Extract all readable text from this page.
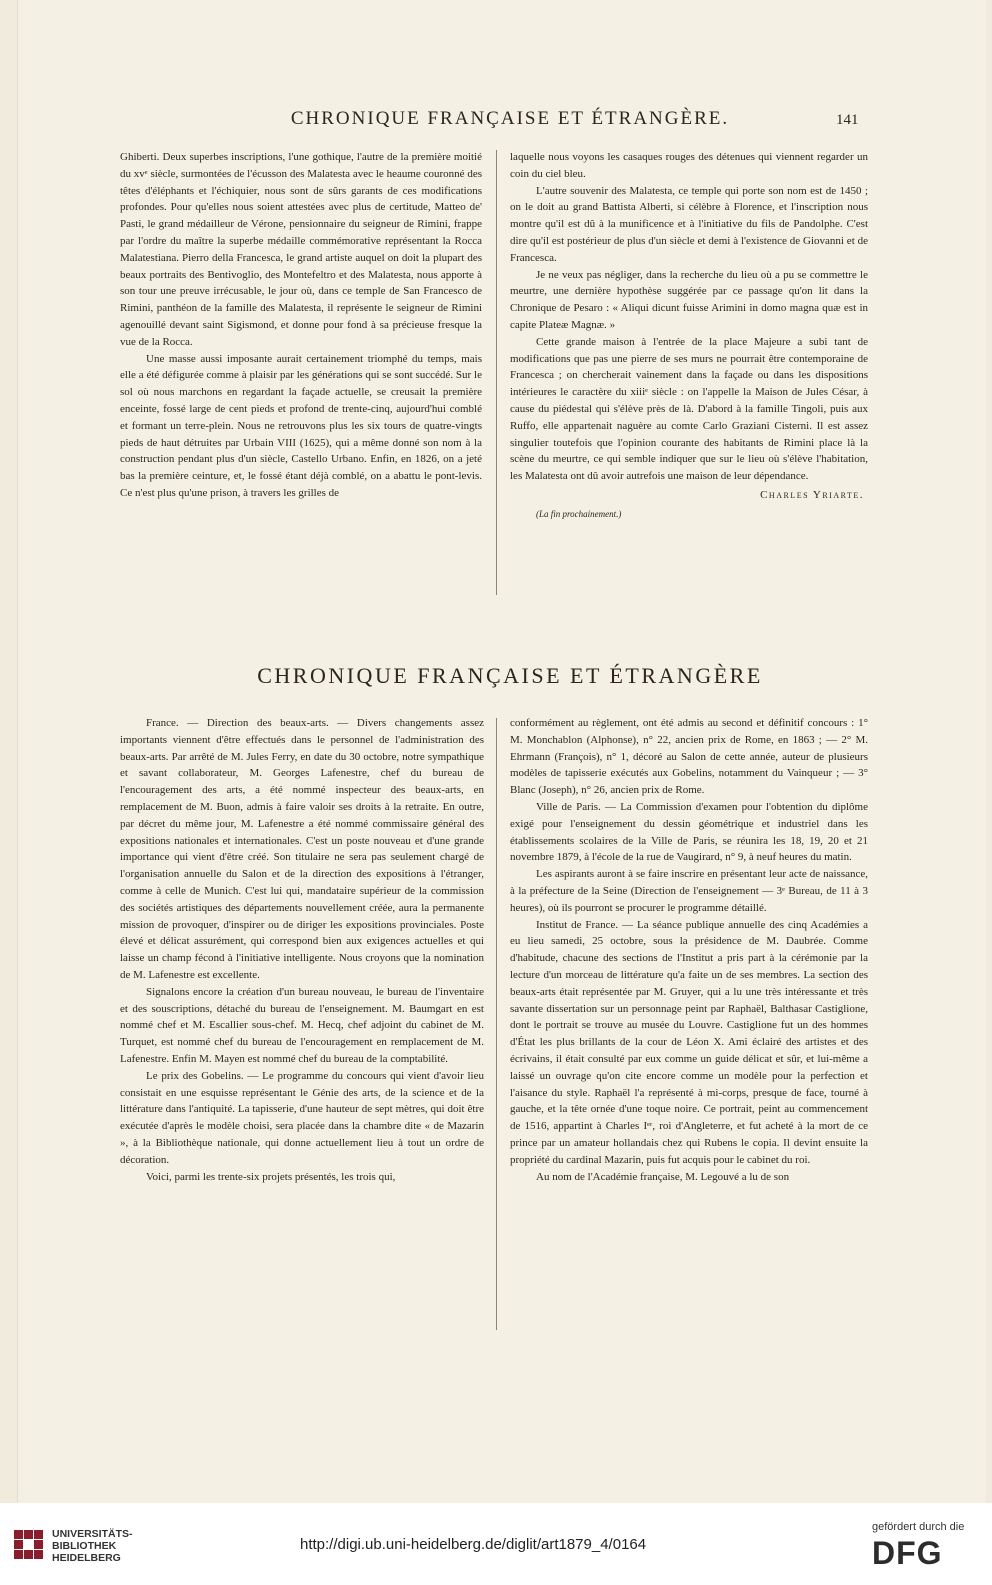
CHRONIQUE FRANÇAISE ET ÉTRANGÈRE.	141

Ghiberti. Deux superbes inscriptions, l'une gothique, l'autre de la première moitié du xvᵉ siècle, surmontées de l'écusson des Malatesta avec le heaume couronné des têtes d'éléphants et l'échiquier, nous sont de sûrs garants de ces modifications profondes. Pour qu'elles nous soient attestées avec plus de certitude, Matteo de' Pasti, le grand médailleur de Vérone, pensionnaire du seigneur de Rimini, frappe par l'ordre du maître la superbe médaille commémorative représentant la Rocca Malatestiana. Pierro della Francesca, le grand artiste auquel on doit la plupart des beaux portraits des Bentivoglio, des Montefeltro et des Malatesta, nous apporte à son tour une preuve irrécusable, le jour où, dans ce temple de San Francesco de Rimini, panthéon de la famille des Malatesta, il représente le seigneur de Rimini agenouillé devant saint Sigismond, et donne pour fond à sa précieuse fresque la vue de la Rocca.

Une masse aussi imposante aurait certainement triomphé du temps, mais elle a été défigurée comme à plaisir par les générations qui se sont succédé. Sur le sol où nous marchons en regardant la façade actuelle, se creusait la première enceinte, fossé large de cent pieds et profond de trente-cinq, aujourd'hui comblé et formant un terre-plein. Nous ne retrouvons plus les six tours de quatre-vingts pieds de haut détruites par Urbain VIII (1625), qui a même donné son nom à la construction pendant plus d'un siècle, Castello Urbano. Enfin, en 1826, on a jeté bas la première ceinture, et, le fossé étant déjà comblé, on a abattu le pont-levis. Ce n'est plus qu'une prison, à travers les grilles de

laquelle nous voyons les casaques rouges des détenues qui viennent regarder un coin du ciel bleu.

L'autre souvenir des Malatesta, ce temple qui porte son nom est de 1450 ; on le doit au grand Battista Alberti, si célèbre à Florence, et l'inscription nous montre qu'il est dû à la munificence et à l'initiative du fils de Pandolphe. C'est dire qu'il est postérieur de plus d'un siècle et demi à l'existence de Giovanni et de Francesca.

Je ne veux pas négliger, dans la recherche du lieu où a pu se commettre le meurtre, une dernière hypothèse suggérée par ce passage qu'on lit dans la Chronique de Pesaro : « Aliqui dicunt fuisse Arimini in domo magna quæ est in capite Plateæ Magnæ. »

Cette grande maison à l'entrée de la place Majeure a subi tant de modifications que pas une pierre de ses murs ne pourrait être contemporaine de Francesca ; on chercherait vainement dans la façade ou dans les dispositions intérieures le caractère du xiiiᵉ siècle : on l'appelle la Maison de Jules César, à cause du piédestal qui s'élève près de là. D'abord à la famille Tingoli, puis aux Ruffo, elle appartenait naguère au comte Carlo Graziani Cisterni. Il est assez singulier toutefois que l'opinion courante des habitants de Rimini place là la scène du meurtre, ce qui semble indiquer que sur le lieu où s'élève l'habitation, les Malatesta ont dû avoir autrefois une maison de leur dépendance.

Charles Yriarte.
(La fin prochainement.)
CHRONIQUE FRANÇAISE ET ÉTRANGÈRE

France. — Direction des beaux-arts. — Divers changements assez importants viennent d'être effectués dans le personnel de l'administration des beaux-arts. Par arrêté de M. Jules Ferry, en date du 30 octobre, notre sympathique et savant collaborateur, M. Georges Lafenestre, chef du bureau de l'encouragement des arts, a été nommé inspecteur des beaux-arts, en remplacement de M. Buon, admis à faire valoir ses droits à la retraite. En outre, par décret du même jour, M. Lafenestre a été nommé commissaire général des expositions nationales et internationales. C'est un poste nouveau et d'une grande importance qui vient d'être créé. Son titulaire ne sera pas seulement chargé de l'organisation annuelle du Salon et de la direction des expositions à l'étranger, comme à celle de Munich. C'est lui qui, mandataire supérieur de la commission des sociétés artistiques des départements nouvellement créée, aura la permanente mission de provoquer, d'inspirer ou de diriger les expositions provinciales. Poste élevé et délicat assurément, qui correspond bien aux exigences actuelles et qui laisse un champ fécond à l'initiative intelligente. Nous croyons que la nomination de M. Lafenestre est excellente.

Signalons encore la création d'un bureau nouveau, le bureau de l'inventaire et des souscriptions, détaché du bureau de l'enseignement. M. Baumgart en est nommé chef et M. Escallier sous-chef. M. Hecq, chef adjoint du cabinet de M. Turquet, est nommé chef du bureau de l'encouragement en remplacement de M. Lafenestre. Enfin M. Mayen est nommé chef du bureau de la comptabilité.

Le prix des Gobelins. — Le programme du concours qui vient d'avoir lieu consistait en une esquisse représentant le Génie des arts, de la science et de la littérature dans l'antiquité. La tapisserie, d'une hauteur de sept mètres, qui doit être exécutée d'après le modèle choisi, sera placée dans la chambre dite « de Mazarin », à la Bibliothèque nationale, qui donne actuellement lieu à tout un ordre de décoration.

Voici, parmi les trente-six projets présentés, les trois qui,

conformément au règlement, ont été admis au second et définitif concours : 1° M. Monchablon (Alphonse), n° 22, ancien prix de Rome, en 1863 ; — 2° M. Ehrmann (François), n° 1, décoré au Salon de cette année, auteur de plusieurs modèles de tapisserie exécutés aux Gobelins, notamment du Vainqueur ; — 3° Blanc (Joseph), n° 26, ancien prix de Rome.

Ville de Paris. — La Commission d'examen pour l'obtention du diplôme exigé pour l'enseignement du dessin géométrique et industriel dans les établissements scolaires de la Ville de Paris, se réunira les 18, 19, 20 et 21 novembre 1879, à l'école de la rue de Vaugirard, n° 9, à neuf heures du matin.

Les aspirants auront à se faire inscrire en présentant leur acte de naissance, à la préfecture de la Seine (Direction de l'enseignement — 3ᵉ Bureau, de 11 à 3 heures), où ils pourront se procurer le programme détaillé.

Institut de France. — La séance publique annuelle des cinq Académies a eu lieu samedi, 25 octobre, sous la présidence de M. Daubrée. Comme d'habitude, chacune des sections de l'Institut a pris part à la cérémonie par la lecture d'un morceau de littérature qu'a faite un de ses membres. La section des beaux-arts était représentée par M. Gruyer, qui a lu une très intéressante et très savante dissertation sur un personnage peint par Raphaël, Balthasar Castiglione, dont le portrait se trouve au musée du Louvre. Castiglione fut un des hommes d'État les plus brillants de la cour de Léon X. Ami éclairé des artistes et des écrivains, il était consulté par eux comme un guide délicat et sûr, et lui-même a laissé un ouvrage qu'on cite encore comme un modèle pour la perfection et l'aisance du style. Raphaël l'a représenté à mi-corps, presque de face, tourné à gauche, et la tête ornée d'une toque noire. Ce portrait, peint au commencement de 1516, appartint à Charles Iᵉʳ, roi d'Angleterre, et fut acheté à la mort de ce prince par un amateur hollandais chez qui Rubens le copia. Il devint ensuite la propriété du cardinal Mazarin, puis fut acquis pour le cabinet du roi.

Au nom de l'Académie française, M. Legouvé a lu de son

UNIVERSITÄTS-
BIBLIOTHEK
HEIDELBERG
http://digi.ub.uni-heidelberg.de/diglit/art1879_4/0164
gefördert durch die
DFG
